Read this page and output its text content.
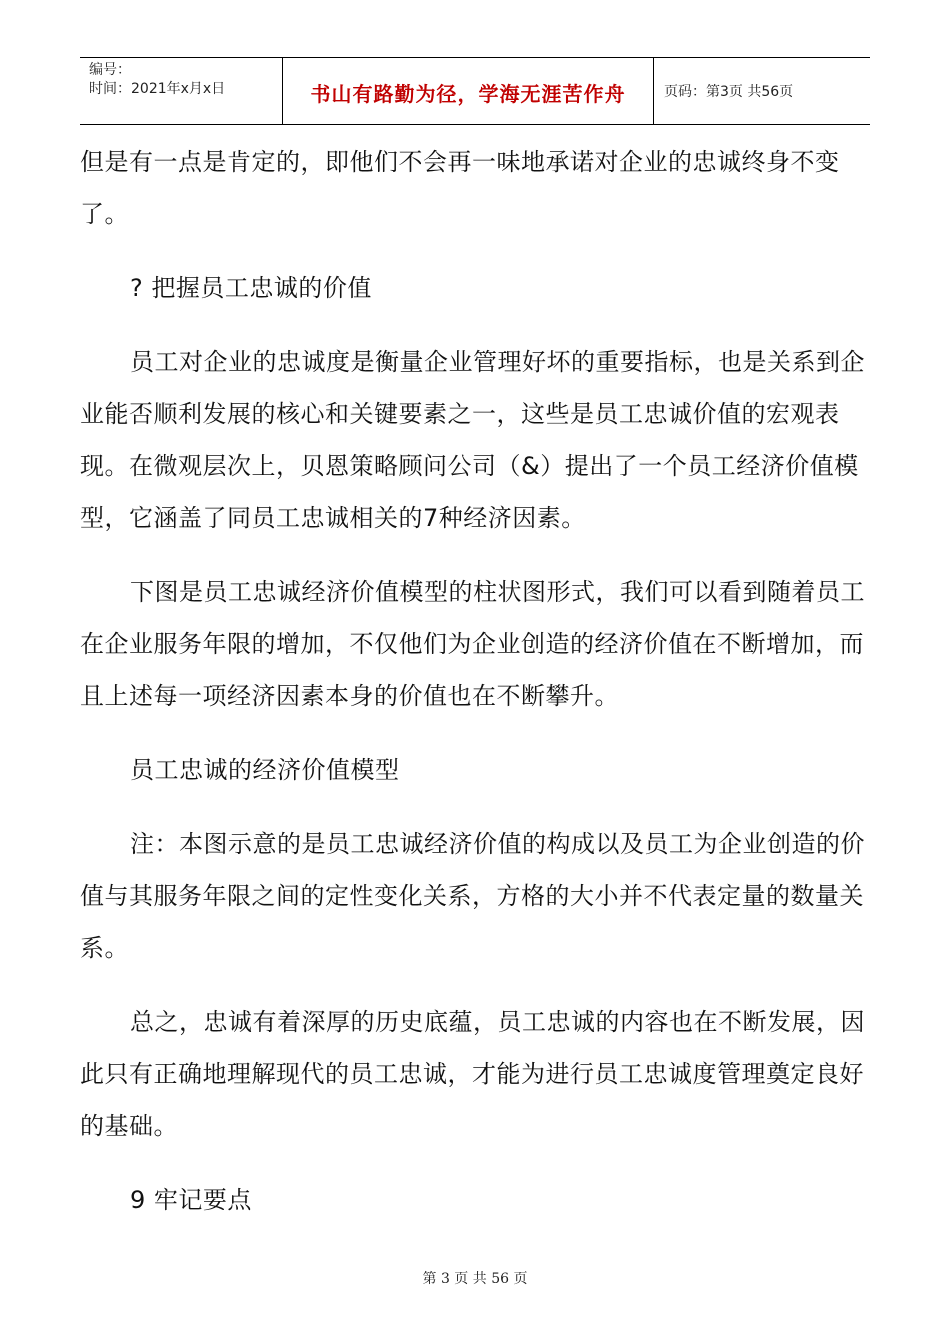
编号：
时间：2021年x月x日	书山有路勤为径，学海无涯苦作舟	页码：第3页 共56页

但是有一点是肯定的，即他们不会再一味地承诺对企业的忠诚终身不变了。

? 把握员工忠诚的价值

员工对企业的忠诚度是衡量企业管理好坏的重要指标，也是关系到企业能否顺利发展的核心和关键要素之一，这些是员工忠诚价值的宏观表现。在微观层次上，贝恩策略顾问公司（&）提出了一个员工经济价值模型，它涵盖了同员工忠诚相关的7种经济因素。

下图是员工忠诚经济价值模型的柱状图形式，我们可以看到随着员工在企业服务年限的增加，不仅他们为企业创造的经济价值在不断增加，而且上述每一项经济因素本身的价值也在不断攀升。

员工忠诚的经济价值模型

注：本图示意的是员工忠诚经济价值的构成以及员工为企业创造的价值与其服务年限之间的定性变化关系，方格的大小并不代表定量的数量关系。

总之，忠诚有着深厚的历史底蕴，员工忠诚的内容也在不断发展，因此只有正确地理解现代的员工忠诚，才能为进行员工忠诚度管理奠定良好的基础。

9 牢记要点

第 3 页 共 56 页
